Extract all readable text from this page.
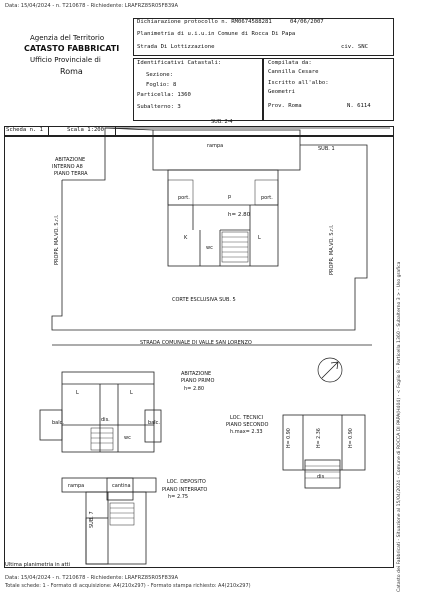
Data: 15/04/2024 - n. T210678 - Richiedente: LRAFRZ85R05F839A
Agenzia del Territorio
CATASTO FABBRICATI
Ufficio Provinciale di
Roma
Dichiarazione protocollo n. RM0674588281	04/06/2007
Planimetria di u.i.u.in Comune di Rocca Di Papa
Strada Di Lottizzazione	civ. SNC
Identificativi Catastali:
Sezione:
Foglio: 8
Particella: 1360
Subalterno: 3
Compilata da:
Cannilla Cesare
Iscritto all'albo:
Geometri
Prov. Roma	N. 6114
Scheda n. 1	Scala 1:200
SUB. 2-4
rampa	SUB. 1
ABITAZIONE
INTERNO A8
PIANO TERRA
port.	p	port.
h= 2.80
K
wc
L
PROPR. MA.VO. S.r.l.	PROPR. MA.VO. S.r.l.
CORTE ESCLUSIVA SUB. 5
STRADA COMUNALE DI VALLE SAN LORENZO
ABITAZIONE
PIANO PRIMO
h= 2.80
L	L
dis.
balc.	balc.
wc
LOC. TECNICI
PIANO SECONDO
h.max= 2.33	H= 0.90	H= 2.36	H= 0.90
dis
LOC. DEPOSITO
PIANO INTERRATO
h= 2.75
rampa	cantina
SUB. 7	Catasto dei Fabbricati - Situazione al 15/04/2024 - Comune di ROCCA DI PAPA(H404) - < Foglio 8 - Particella 1360 - Subalterno 3 > - Uso grafica
Ultima planimetria in atti
Data: 15/04/2024 - n. T210678 - Richiedente: LRAFRZ85R05F839A
Totale schede: 1 - Formato di acquisizione: A4(210x297) - Formato stampa richiesto: A4(210x297)
